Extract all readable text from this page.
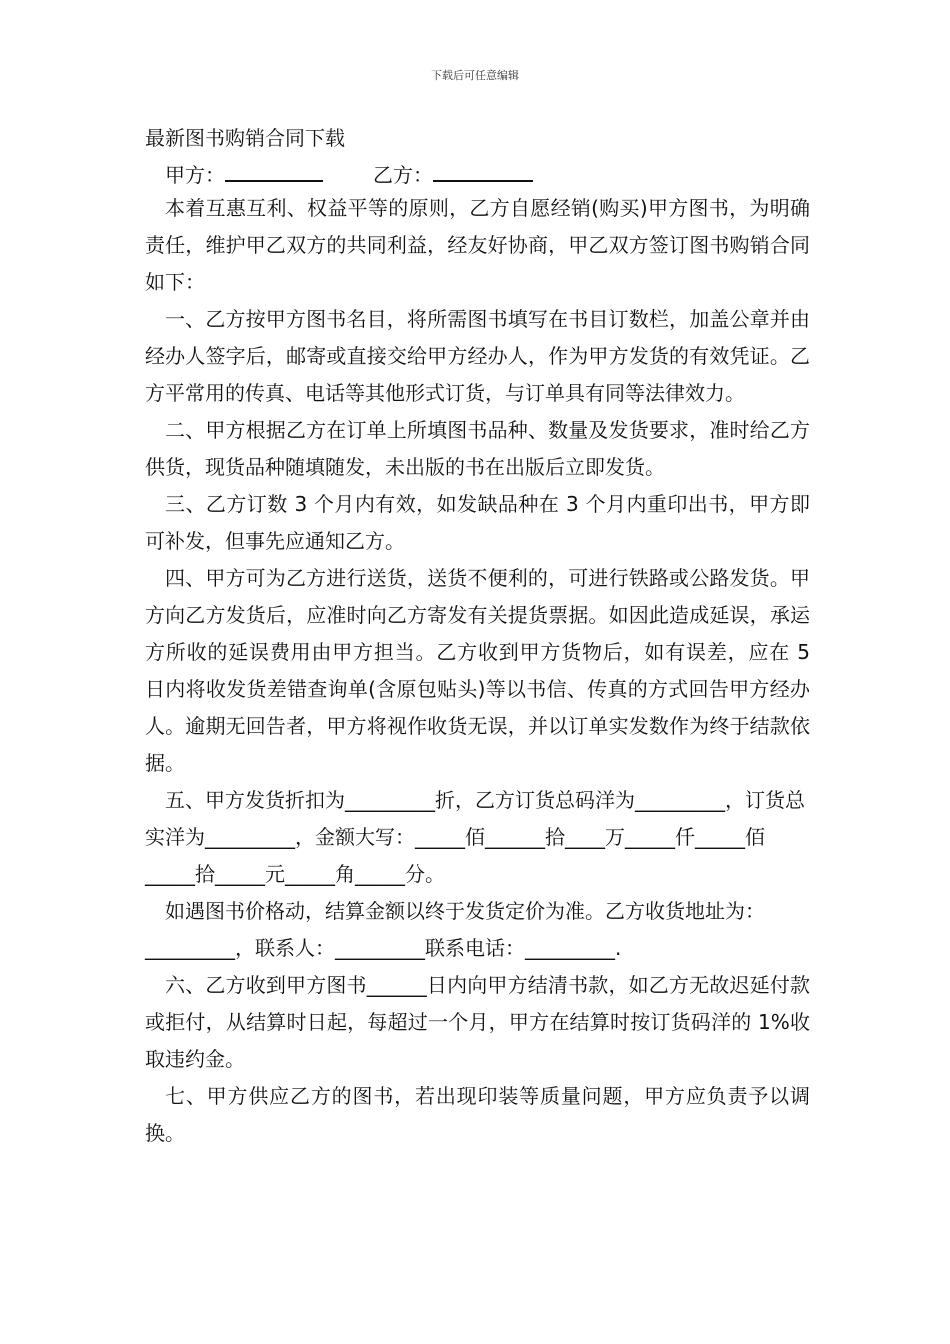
下载后可任意编辑
最新图书购销合同下载
甲方：	乙方：

本着互惠互利、权益平等的原则，乙方自愿经销(购买)甲方图书，为明确责任，维护甲乙双方的共同利益，经友好协商，甲乙双方签订图书购销合同如下：

一、乙方按甲方图书名目，将所需图书填写在书目订数栏，加盖公章并由经办人签字后，邮寄或直接交给甲方经办人，作为甲方发货的有效凭证。乙方平常用的传真、电话等其他形式订货，与订单具有同等法律效力。

二、甲方根据乙方在订单上所填图书品种、数量及发货要求，准时给乙方供货，现货品种随填随发，未出版的书在出版后立即发货。

三、乙方订数 3 个月内有效，如发缺品种在 3 个月内重印出书，甲方即可补发，但事先应通知乙方。

四、甲方可为乙方进行送货，送货不便利的，可进行铁路或公路发货。甲方向乙方发货后，应准时向乙方寄发有关提货票据。如因此造成延误，承运方所收的延误费用由甲方担当。乙方收到甲方货物后，如有误差，应在 5 日内将收发货差错查询单(含原包贴头)等以书信、传真的方式回告甲方经办人。逾期无回告者，甲方将视作收货无误，并以订单实发数作为终于结款依据。

五、甲方发货折扣为_________折，乙方订货总码洋为_________，订货总实洋为_________，金额大写：_____佰______拾____万_____仟_____佰_____拾_____元_____角_____分。

如遇图书价格动，结算金额以终于发货定价为准。乙方收货地址为：_________，联系人：_________联系电话：_________.

六、乙方收到甲方图书______日内向甲方结清书款，如乙方无故迟延付款或拒付，从结算时日起，每超过一个月，甲方在结算时按订货码洋的 1%收取违约金。

七、甲方供应乙方的图书，若出现印装等质量问题，甲方应负责予以调换。
